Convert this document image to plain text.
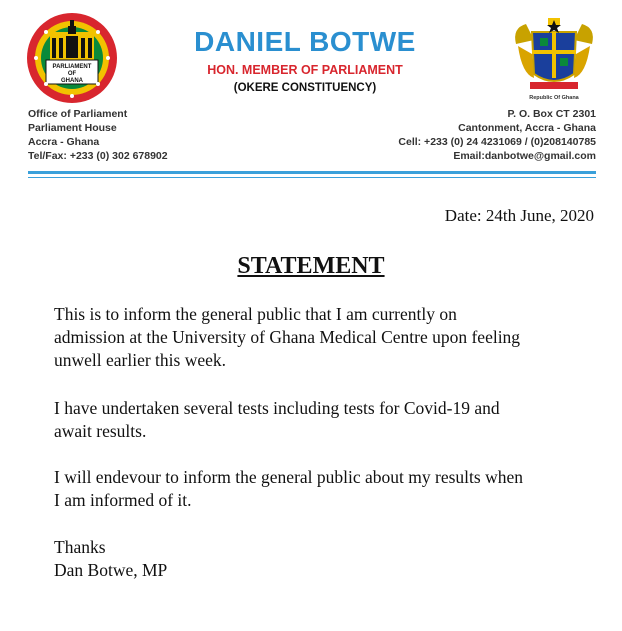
PARLIAMENT
OF
GHANA
DANIEL BOTWE
HON. MEMBER OF PARLIAMENT
(OKERE CONSTITUENCY)
Republic Of Ghana
Office of Parliament
Parliament House
Accra - Ghana
Tel/Fax: +233 (0) 302 678902
P. O. Box CT 2301
Cantonment, Accra - Ghana
Cell: +233 (0) 24 4231069 / (0)208140785
Email:danbotwe@gmail.com
Date: 24th June, 2020
STATEMENT
This is to inform the general public that I am currently on
admission at the University of Ghana Medical Centre upon feeling
unwell earlier this week.
I have undertaken several tests including tests for Covid-19 and
await results.
I will endevour to inform the general public about my results when
I am informed of it.
Thanks
Dan Botwe, MP
